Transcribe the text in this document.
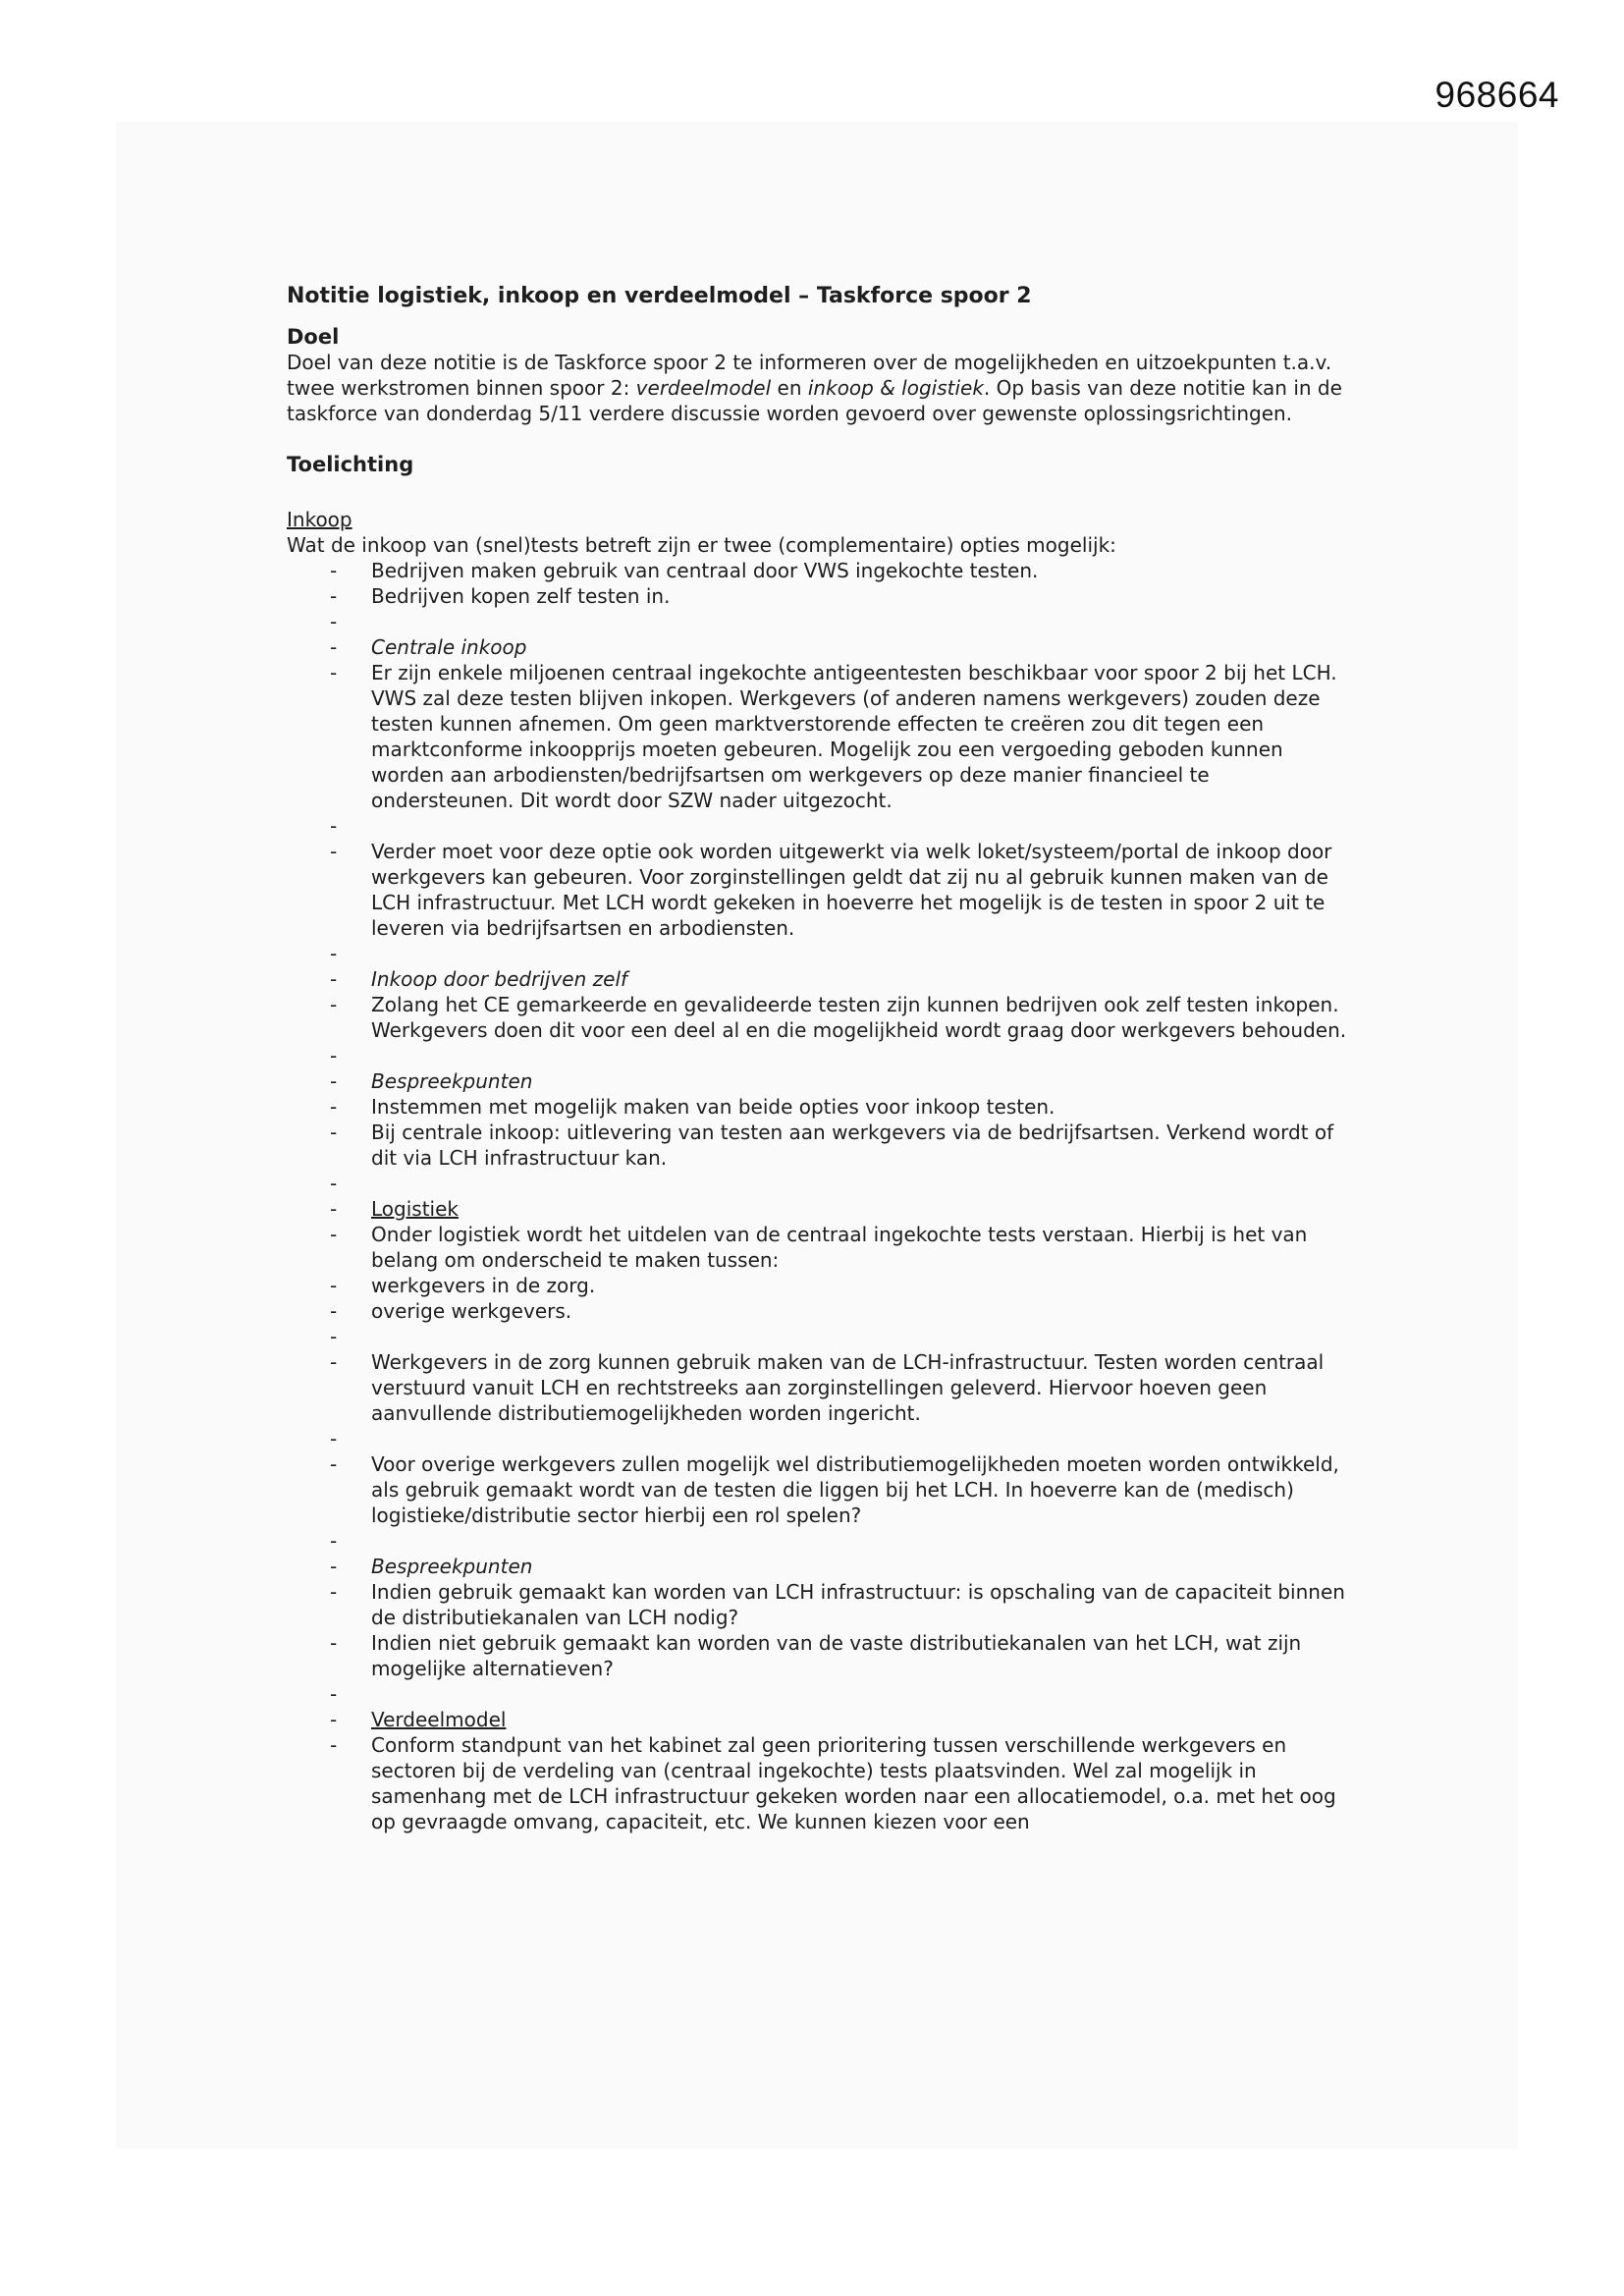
968664

Notitie logistiek, inkoop en verdeelmodel – Taskforce spoor 2

Doel

Doel van deze notitie is de Taskforce spoor 2 te informeren over de mogelijkheden en uitzoekpunten t.a.v. twee werkstromen binnen spoor 2: verdeelmodel en inkoop & logistiek. Op basis van deze notitie kan in de taskforce van donderdag 5/11 verdere discussie worden gevoerd over gewenste oplossingsrichtingen.

Toelichting

Inkoop

Wat de inkoop van (snel)tests betreft zijn er twee (complementaire) opties mogelijk:

- Bedrijven maken gebruik van centraal door VWS ingekochte testen.
- Bedrijven kopen zelf testen in.
-
- Centrale inkoop
- Er zijn enkele miljoenen centraal ingekochte antigeentesten beschikbaar voor spoor 2 bij het LCH. VWS zal deze testen blijven inkopen. Werkgevers (of anderen namens werkgevers) zouden deze testen kunnen afnemen. Om geen marktverstorende effecten te creëren zou dit tegen een marktconforme inkoopprijs moeten gebeuren. Mogelijk zou een vergoeding geboden kunnen worden aan arbodiensten/bedrijfsartsen om werkgevers op deze manier financieel te ondersteunen. Dit wordt door SZW nader uitgezocht.
-
- Verder moet voor deze optie ook worden uitgewerkt via welk loket/systeem/portal de inkoop door werkgevers kan gebeuren. Voor zorginstellingen geldt dat zij nu al gebruik kunnen maken van de LCH infrastructuur. Met LCH wordt gekeken in hoeverre het mogelijk is de testen in spoor 2 uit te leveren via bedrijfsartsen en arbodiensten.
-
- Inkoop door bedrijven zelf
- Zolang het CE gemarkeerde en gevalideerde testen zijn kunnen bedrijven ook zelf testen inkopen. Werkgevers doen dit voor een deel al en die mogelijkheid wordt graag door werkgevers behouden.
-
- Bespreekpunten
- Instemmen met mogelijk maken van beide opties voor inkoop testen.
- Bij centrale inkoop: uitlevering van testen aan werkgevers via de bedrijfsartsen. Verkend wordt of dit via LCH infrastructuur kan.
-
- Logistiek
- Onder logistiek wordt het uitdelen van de centraal ingekochte tests verstaan. Hierbij is het van belang om onderscheid te maken tussen:
- werkgevers in de zorg.
- overige werkgevers.
-
- Werkgevers in de zorg kunnen gebruik maken van de LCH-infrastructuur. Testen worden centraal verstuurd vanuit LCH en rechtstreeks aan zorginstellingen geleverd. Hiervoor hoeven geen aanvullende distributiemogelijkheden worden ingericht.
-
- Voor overige werkgevers zullen mogelijk wel distributiemogelijkheden moeten worden ontwikkeld, als gebruik gemaakt wordt van de testen die liggen bij het LCH. In hoeverre kan de (medisch) logistieke/distributie sector hierbij een rol spelen?
-
- Bespreekpunten
- Indien gebruik gemaakt kan worden van LCH infrastructuur: is opschaling van de capaciteit binnen de distributiekanalen van LCH nodig?
- Indien niet gebruik gemaakt kan worden van de vaste distributiekanalen van het LCH, wat zijn mogelijke alternatieven?
-
- Verdeelmodel
- Conform standpunt van het kabinet zal geen prioritering tussen verschillende werkgevers en sectoren bij de verdeling van (centraal ingekochte) tests plaatsvinden. Wel zal mogelijk in samenhang met de LCH infrastructuur gekeken worden naar een allocatiemodel, o.a. met het oog op gevraagde omvang, capaciteit, etc. We kunnen kiezen voor een
